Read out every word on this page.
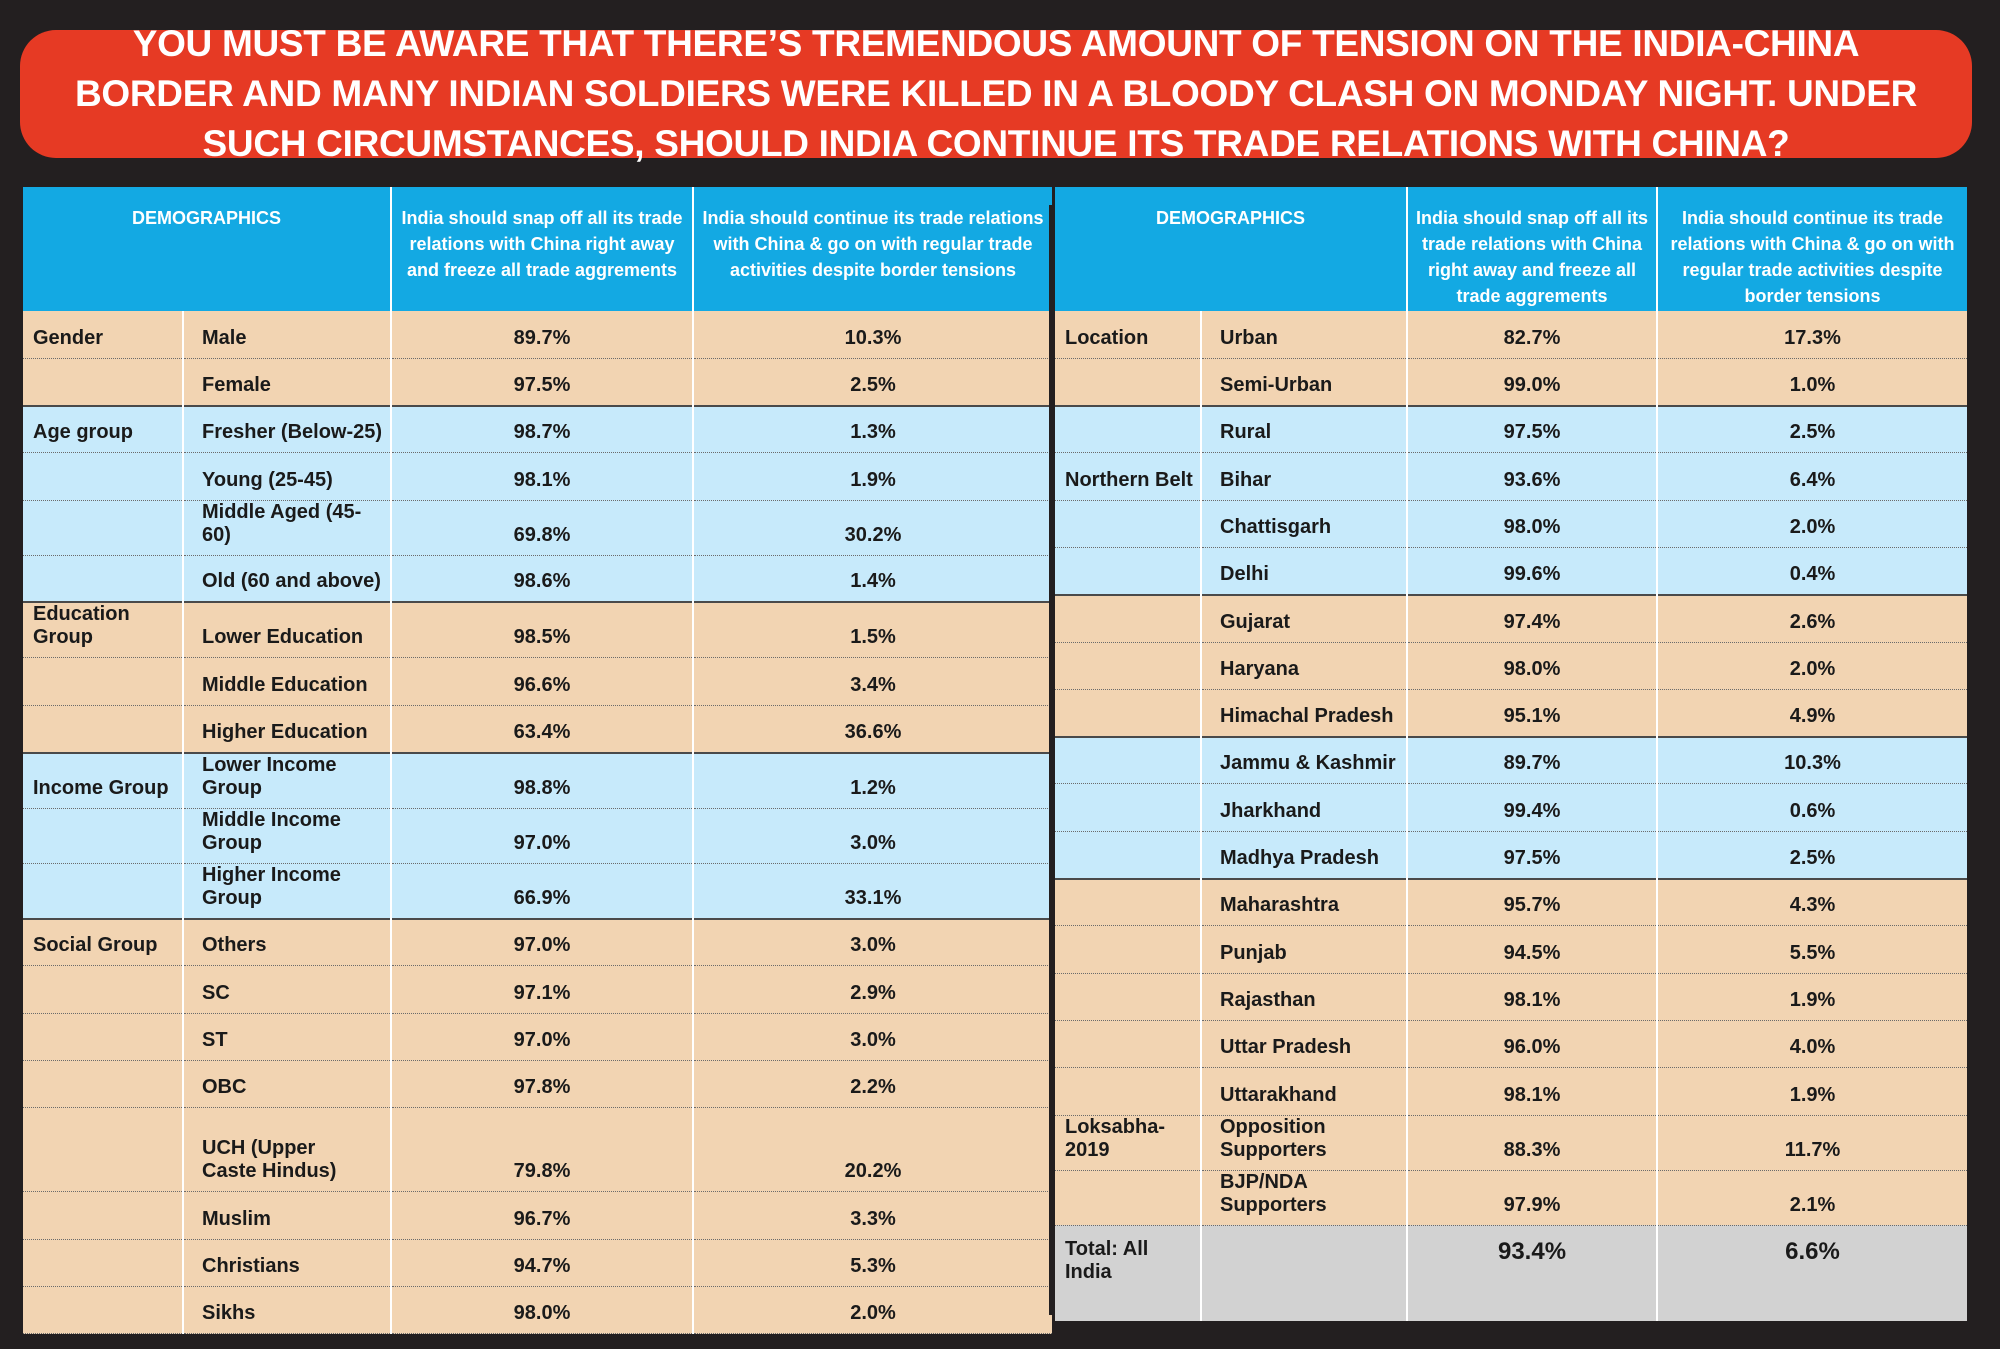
YOU MUST BE AWARE THAT THERE’S TREMENDOUS AMOUNT OF TENSION ON THE INDIA-CHINA BORDER AND MANY INDIAN SOLDIERS WERE KILLED IN A BLOODY CLASH ON MONDAY NIGHT. UNDER SUCH CIRCUMSTANCES, SHOULD INDIA CONTINUE ITS TRADE RELATIONS WITH CHINA?
DEMOGRAPHICS		India should snap off all its trade relations with China right away and freeze all trade aggrements	India should continue its trade relations with China & go on with regular trade activities despite border tensions
Gender	Male	89.7%	10.3%

	Female	97.5%	2.5%
Age group	Fresher (Below-25)	98.7%	1.3%

	Young (25-45)	98.1%	1.9%

	Middle Aged (45-60)	69.8%	30.2%

	Old (60 and above)	98.6%	1.4%
Education Group	Lower Education	98.5%	1.5%

	Middle Education	96.6%	3.4%

	Higher Education	63.4%	36.6%
Income Group	Lower Income Group	98.8%	1.2%

	Middle Income Group	97.0%	3.0%

	Higher Income Group	66.9%	33.1%
Social Group	Others	97.0%	3.0%

	SC	97.1%	2.9%

	ST	97.0%	3.0%

	OBC	97.8%	2.2%

	UCH (Upper
Caste Hindus)	79.8%	20.2%

	Muslim	96.7%	3.3%

	Christians	94.7%	5.3%

	Sikhs	98.0%	2.0%
DEMOGRAPHICS		India should snap off all its trade relations with China right away and freeze all trade aggrements	India should continue its trade relations with China & go on with regular trade activities despite border tensions
Location	Urban	82.7%	17.3%

	Semi-Urban	99.0%	1.0%

	Rural	97.5%	2.5%
Northern Belt	Bihar	93.6%	6.4%

	Chattisgarh	98.0%	2.0%

	Delhi	99.6%	0.4%

	Gujarat	97.4%	2.6%

	Haryana	98.0%	2.0%

	Himachal Pradesh	95.1%	4.9%

	Jammu & Kashmir	89.7%	10.3%

	Jharkhand	99.4%	0.6%

	Madhya Pradesh	97.5%	2.5%

	Maharashtra	95.7%	4.3%

	Punjab	94.5%	5.5%

	Rajasthan	98.1%	1.9%

	Uttar Pradesh	96.0%	4.0%

	Uttarakhand	98.1%	1.9%
Loksabha- 2019	Opposition Supporters	88.3%	11.7%

	BJP/NDA Supporters	97.9%	2.1%
Total: All India		93.4%	6.6%
